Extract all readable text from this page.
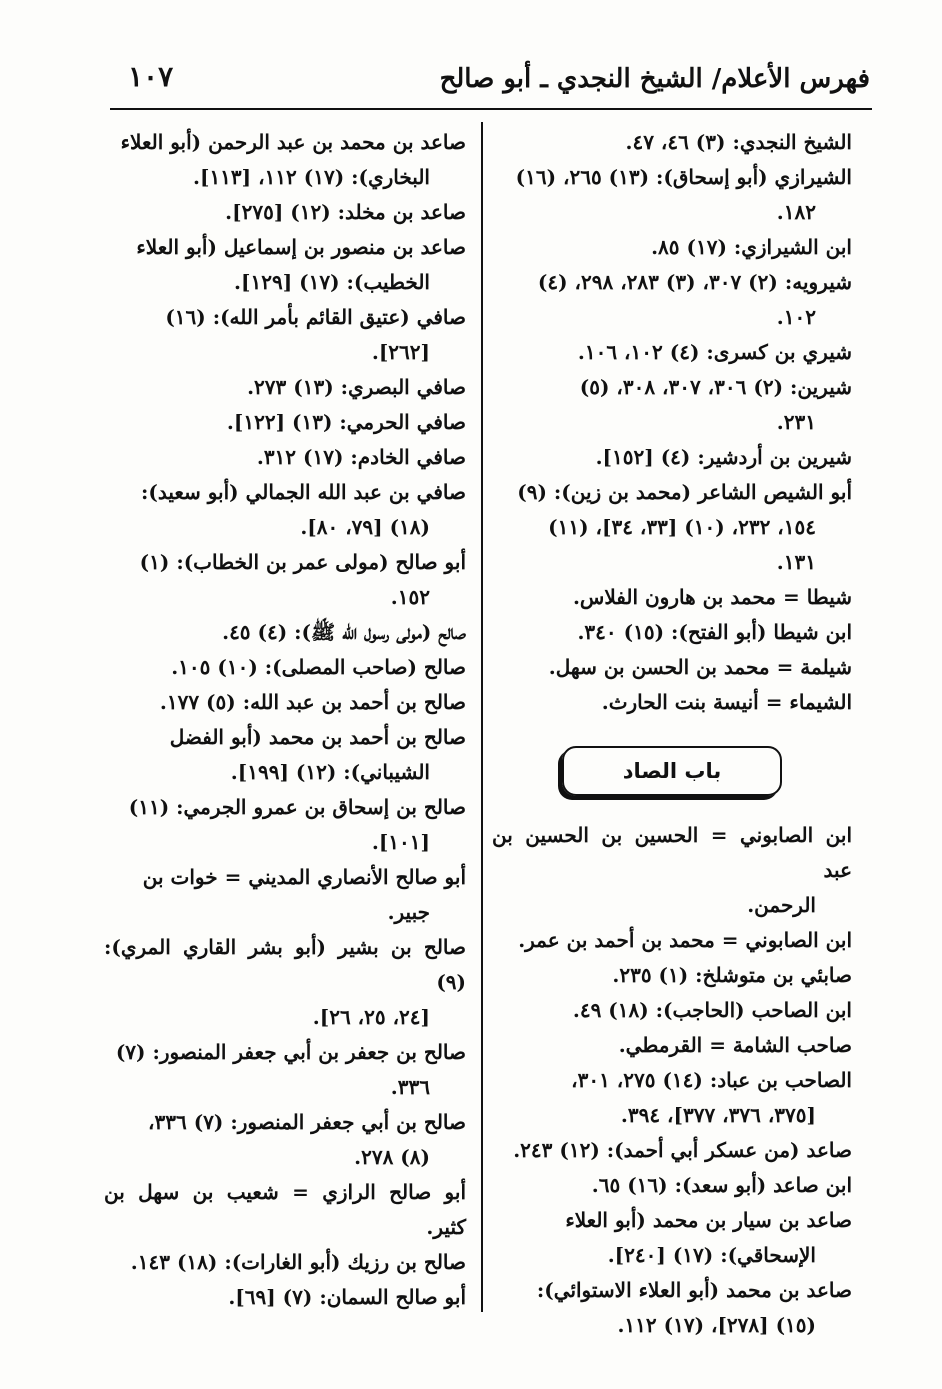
فهرس الأعلام/ الشيخ النجدي ـ أبو صالح
١٠٧
الشيخ النجدي: (٣) ٤٦، ٤٧.
الشيرازي (أبو إسحاق): (١٣) ٢٦٥، (١٦)
١٨٢.
ابن الشيرازي: (١٧) ٨٥.
شيرويه: (٢) ٣٠٧، (٣) ٢٨٣، ٢٩٨، (٤)
١٠٢.
شيري بن كسرى: (٤) ١٠٢، ١٠٦.
شيرين: (٢) ٣٠٦، ٣٠٧، ٣٠٨، (٥)
٢٣١.
شيرين بن أردشير: (٤) [١٥٢].
أبو الشيص الشاعر (محمد بن زين): (٩)
١٥٤، ٢٣٢، (١٠) [٣٣، ٣٤]، (١١)
١٣١.
شيطا = محمد بن هارون الفلاس.
ابن شيطا (أبو الفتح): (١٥) ٣٤٠.
شيلمة = محمد بن الحسن بن سهل.
الشيماء = أنيسة بنت الحارث.
باب الصاد
ابن الصابوني = الحسين بن الحسين بن عبد
الرحمن.
ابن الصابوني = محمد بن أحمد بن عمر.
صابئي بن متوشلخ: (١) ٢٣٥.
ابن الصاحب (الحاجب): (١٨) ٤٩.
صاحب الشامة = القرمطي.
الصاحب بن عباد: (١٤) ٢٧٥، ٣٠١،
[٣٧٥، ٣٧٦، ٣٧٧]، ٣٩٤.
صاعد (من عسكر أبي أحمد): (١٢) ٢٤٣.
ابن صاعد (أبو سعد): (١٦) ٦٥.
صاعد بن سيار بن محمد (أبو العلاء
الإسحاقي): (١٧) [٢٤٠].
صاعد بن محمد (أبو العلاء الاستوائي):
(١٥) [٢٧٨]، (١٧) ١١٢.
صاعد بن محمد بن عبد الرحمن (أبو العلاء
البخاري): (١٧) ١١٢، [١١٣].
صاعد بن مخلد: (١٢) [٢٧٥].
صاعد بن منصور بن إسماعيل (أبو العلاء
الخطيب): (١٧) [١٢٩].
صافي (عتيق القائم بأمر الله): (١٦)
[٢٦٢].
صافي البصري: (١٣) ٢٧٣.
صافي الحرمي: (١٣) [١٢٢].
صافي الخادم: (١٧) ٣١٢.
صافي بن عبد الله الجمالي (أبو سعيد):
(١٨) [٧٩، ٨٠].
أبو صالح (مولى عمر بن الخطاب): (١)
١٥٢.
صالح (مولى رسول الله ﷺ): (٤) ٤٥.
صالح (صاحب المصلى): (١٠) ١٠٥.
صالح بن أحمد بن عبد الله: (٥) ١٧٧.
صالح بن أحمد بن محمد (أبو الفضل
الشيباني): (١٢) [١٩٩].
صالح بن إسحاق بن عمرو الجرمي: (١١)
[١٠١].
أبو صالح الأنصاري المديني = خوات بن
جبير.
صالح بن بشير (أبو بشر القاري المري): (٩)
[٢٤، ٢٥، ٢٦].
صالح بن جعفر بن أبي جعفر المنصور: (٧)
٣٣٦.
صالح بن أبي جعفر المنصور: (٧) ٣٣٦،
(٨) ٢٧٨.
أبو صالح الرازي = شعيب بن سهل بن كثير.
صالح بن رزيك (أبو الغارات): (١٨) ١٤٣.
أبو صالح السمان: (٧) [٦٩].
